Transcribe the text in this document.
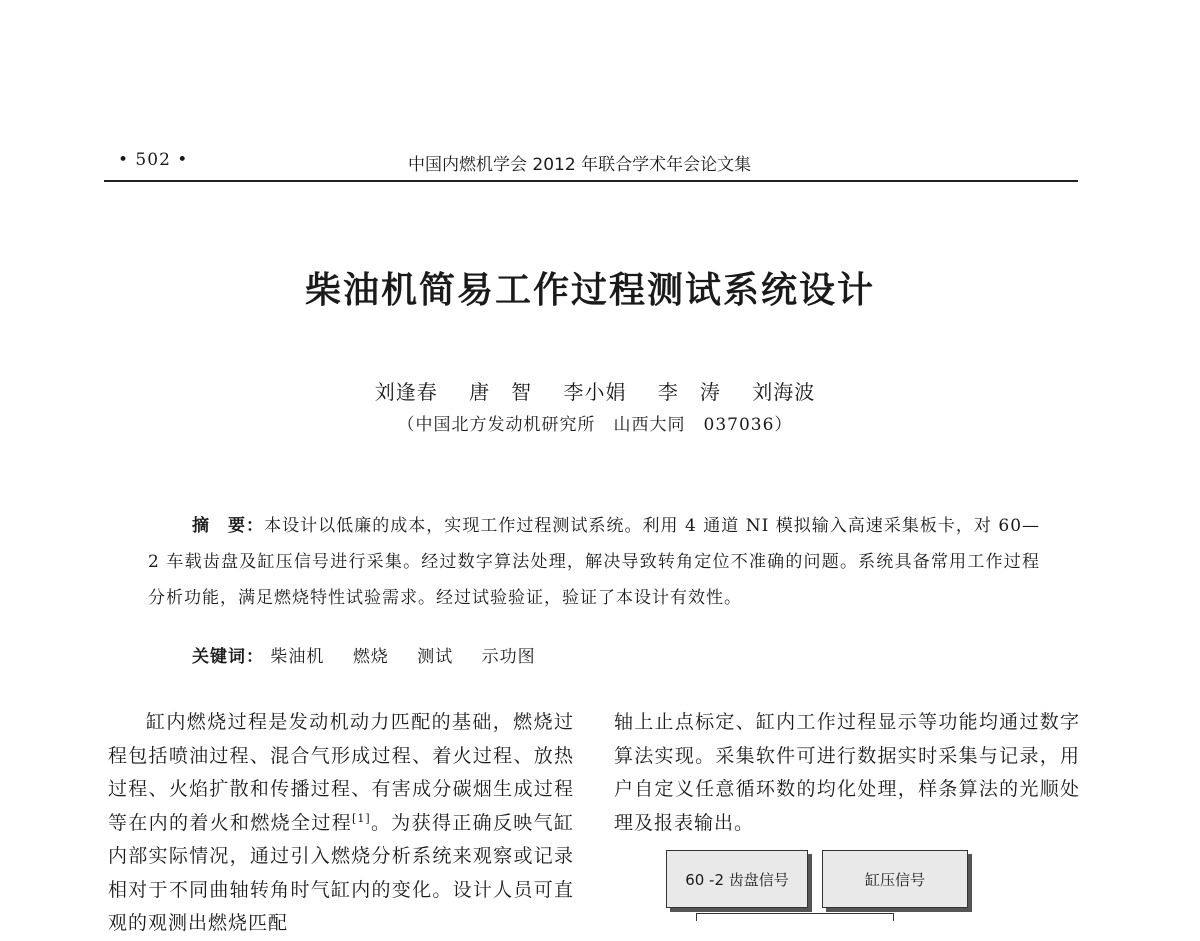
• 502 •	中国内燃机学会 2012 年联合学术年会论文集
柴油机简易工作过程测试系统设计
刘逢春 唐　智 李小娟 李　涛 刘海波
（中国北方发动机研究所　山西大同　037036）
摘　要：本设计以低廉的成本，实现工作过程测试系统。利用 4 通道 NI 模拟输入高速采集板卡，对 60—2 车载齿盘及缸压信号进行采集。经过数字算法处理，解决导致转角定位不准确的问题。系统具备常用工作过程分析功能，满足燃烧特性试验需求。经过试验验证，验证了本设计有效性。
关键词： 柴油机 燃烧 测试 示功图
缸内燃烧过程是发动机动力匹配的基础，燃烧过程包括喷油过程、混合气形成过程、着火过程、放热过程、火焰扩散和传播过程、有害成分碳烟生成过程等在内的着火和燃烧全过程[1]。为获得正确反映气缸内部实际情况，通过引入燃烧分析系统来观察或记录相对于不同曲轴转角时气缸内的变化。设计人员可直观的观测出燃烧匹配
轴上止点标定、缸内工作过程显示等功能均通过数字算法实现。采集软件可进行数据实时采集与记录，用户自定义任意循环数的均化处理，样条算法的光顺处理及报表输出。
60 -2 齿盘信号	缸压信号
